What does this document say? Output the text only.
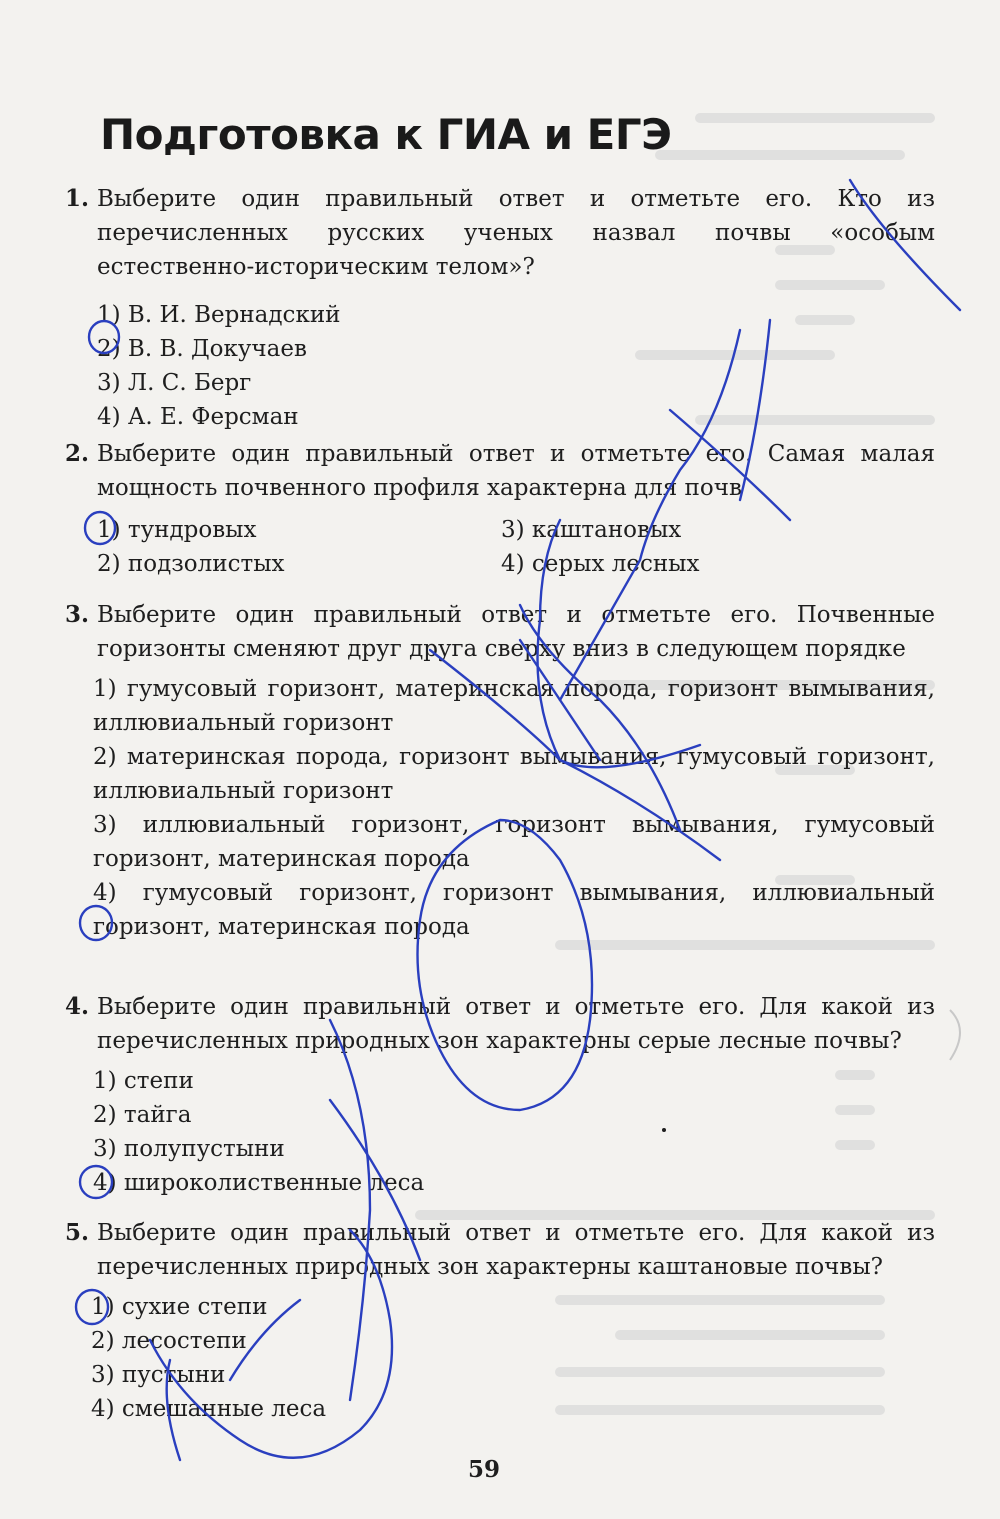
Подготовка к ГИА и ЕГЭ
1. Выберите один правильный ответ и отметьте его. Кто из перечисленных русских ученых назвал почвы «особым естественно-историческим телом»?
1) В. И. Вернадский
2) В. В. Докучаев
3) Л. С. Берг
4) А. Е. Ферсман
2. Выберите один правильный ответ и отметьте его. Самая малая мощность почвенного профиля характерна для почв
1) тундровых	3) каштановых
2) подзолистых	4) серых лесных
3. Выберите один правильный ответ и отметьте его. Почвенные горизонты сменяют друг друга сверху вниз в следующем порядке
1) гумусовый горизонт, материнская порода, горизонт вымывания, иллювиальный горизонт
2) материнская порода, горизонт вымывания, гумусовый горизонт, иллювиальный горизонт
3) иллювиальный горизонт, горизонт вымывания, гумусовый горизонт, материнская порода
4) гумусовый горизонт, горизонт вымывания, иллювиальный горизонт, материнская порода
4. Выберите один правильный ответ и отметьте его. Для какой из перечисленных природных зон характерны серые лесные почвы?
1) степи
2) тайга
3) полупустыни
4) широколиственные леса
5. Выберите один правильный ответ и отметьте его. Для какой из перечисленных природных зон характерны каштановые почвы?
1) сухие степи
2) лесостепи
3) пустыни
4) смешанные леса
59
